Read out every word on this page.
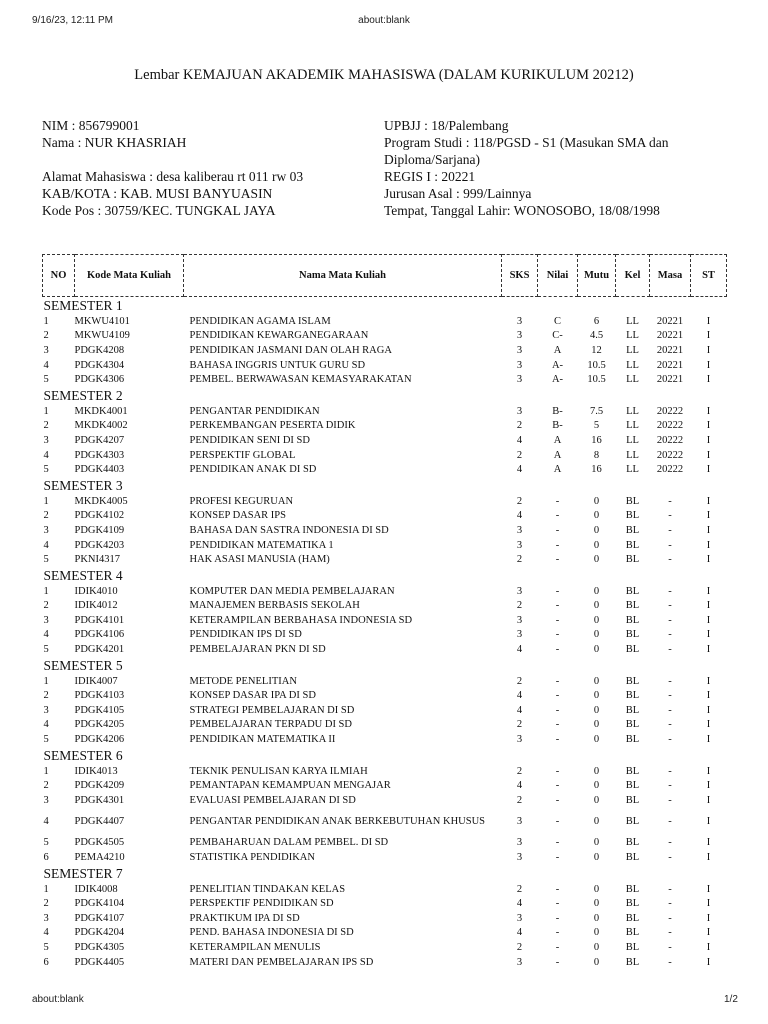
9/16/23, 12:11 PM	about:blank
Lembar KEMAJUAN AKADEMIK MAHASISWA (DALAM KURIKULUM 20212)
NIM : 856799001
Nama : NUR KHASRIAH
Alamat Mahasiswa : desa kaliberau rt 011 rw 03
KAB/KOTA : KAB. MUSI BANYUASIN
Kode Pos : 30759/KEC. TUNGKAL JAYA
UPBJJ : 18/Palembang
Program Studi : 118/PGSD - S1 (Masukan SMA dan
Diploma/Sarjana)
REGIS I : 20221
Jurusan Asal : 999/Lainnya
Tempat, Tanggal Lahir: WONOSOBO, 18/08/1998
NO	Kode Mata Kuliah	Nama Mata Kuliah	SKS	Nilai	Mutu	Kel	Masa	ST
SEMESTER 1								
1	MKWU4101	PENDIDIKAN AGAMA ISLAM	3	C	6	LL	20221	I
2	MKWU4109	PENDIDIKAN KEWARGANEGARAAN	3	C-	4.5	LL	20221	I
3	PDGK4208	PENDIDIKAN JASMANI DAN OLAH RAGA	3	A	12	LL	20221	I
4	PDGK4304	BAHASA INGGRIS UNTUK GURU SD	3	A-	10.5	LL	20221	I
5	PDGK4306	PEMBEL. BERWAWASAN KEMASYARAKATAN	3	A-	10.5	LL	20221	I
SEMESTER 2								
1	MKDK4001	PENGANTAR PENDIDIKAN	3	B-	7.5	LL	20222	I
2	MKDK4002	PERKEMBANGAN PESERTA DIDIK	2	B-	5	LL	20222	I
3	PDGK4207	PENDIDIKAN SENI DI SD	4	A	16	LL	20222	I
4	PDGK4303	PERSPEKTIF GLOBAL	2	A	8	LL	20222	I
5	PDGK4403	PENDIDIKAN ANAK DI SD	4	A	16	LL	20222	I
SEMESTER 3								
1	MKDK4005	PROFESI KEGURUAN	2	-	0	BL	-	I
2	PDGK4102	KONSEP DASAR IPS	4	-	0	BL	-	I
3	PDGK4109	BAHASA DAN SASTRA INDONESIA DI SD	3	-	0	BL	-	I
4	PDGK4203	PENDIDIKAN MATEMATIKA 1	3	-	0	BL	-	I
5	PKNI4317	HAK ASASI MANUSIA (HAM)	2	-	0	BL	-	I
SEMESTER 4								
1	IDIK4010	KOMPUTER DAN MEDIA PEMBELAJARAN	3	-	0	BL	-	I
2	IDIK4012	MANAJEMEN BERBASIS SEKOLAH	2	-	0	BL	-	I
3	PDGK4101	KETERAMPILAN BERBAHASA INDONESIA SD	3	-	0	BL	-	I
4	PDGK4106	PENDIDIKAN IPS DI SD	3	-	0	BL	-	I
5	PDGK4201	PEMBELAJARAN PKN DI SD	4	-	0	BL	-	I
SEMESTER 5								
1	IDIK4007	METODE PENELITIAN	2	-	0	BL	-	I
2	PDGK4103	KONSEP DASAR IPA DI SD	4	-	0	BL	-	I
3	PDGK4105	STRATEGI PEMBELAJARAN DI SD	4	-	0	BL	-	I
4	PDGK4205	PEMBELAJARAN TERPADU DI SD	2	-	0	BL	-	I
5	PDGK4206	PENDIDIKAN MATEMATIKA II	3	-	0	BL	-	I
SEMESTER 6								
1	IDIK4013	TEKNIK PENULISAN KARYA ILMIAH	2	-	0	BL	-	I
2	PDGK4209	PEMANTAPAN KEMAMPUAN MENGAJAR	4	-	0	BL	-	I
3	PDGK4301	EVALUASI PEMBELAJARAN DI SD	2	-	0	BL	-	I
4	PDGK4407	PENGANTAR PENDIDIKAN ANAK BERKEBUTUHAN KHUSUS	3	-	0	BL	-	I
5	PDGK4505	PEMBAHARUAN DALAM PEMBEL. DI SD	3	-	0	BL	-	I
6	PEMA4210	STATISTIKA PENDIDIKAN	3	-	0	BL	-	I
SEMESTER 7								
1	IDIK4008	PENELITIAN TINDAKAN KELAS	2	-	0	BL	-	I
2	PDGK4104	PERSPEKTIF PENDIDIKAN SD	4	-	0	BL	-	I
3	PDGK4107	PRAKTIKUM IPA DI SD	3	-	0	BL	-	I
4	PDGK4204	PEND. BAHASA INDONESIA DI SD	4	-	0	BL	-	I
5	PDGK4305	KETERAMPILAN MENULIS	2	-	0	BL	-	I
6	PDGK4405	MATERI DAN PEMBELAJARAN IPS SD	3	-	0	BL	-	I
about:blank	1/2
